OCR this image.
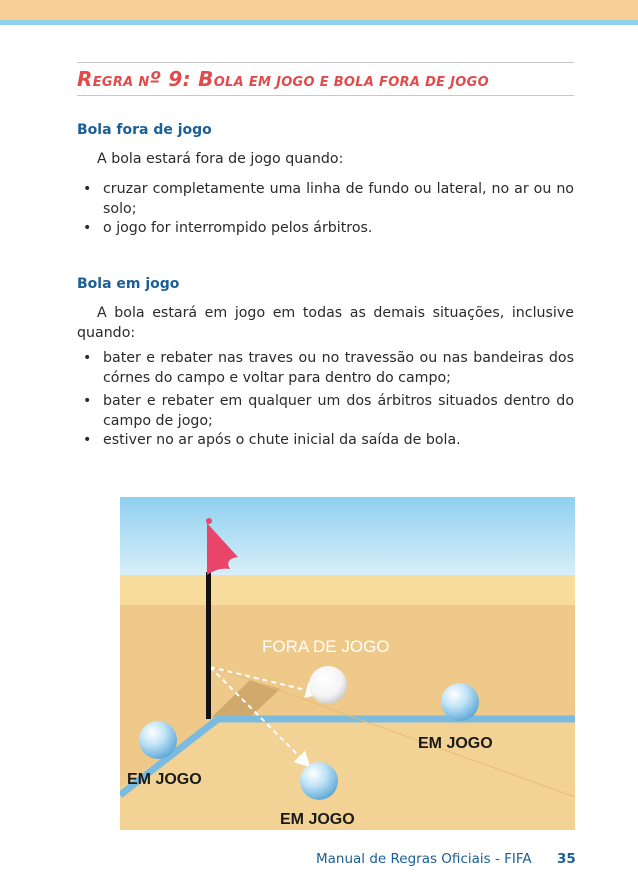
REGRA Nº 9: BOLA EM JOGO E BOLA FORA DE JOGO
Bola fora de jogo
A bola estará fora de jogo quando:
• cruzar completamente uma linha de fundo ou lateral, no ar ou no solo;
• o jogo for interrompido pelos árbitros.
Bola em jogo
A bola estará em jogo em todas as demais situações, inclusive quando:
• bater e rebater nas traves ou no travessão ou nas bandeiras dos córnes do campo e voltar para dentro do campo;
• bater e rebater em qualquer um dos árbitros situados dentro do campo de jogo;
• estiver no ar após o chute inicial da saída de bola.
FORA DE JOGO
EM JOGO
EM JOGO
EM JOGO
Manual de Regras Oficiais - FIFA 35
